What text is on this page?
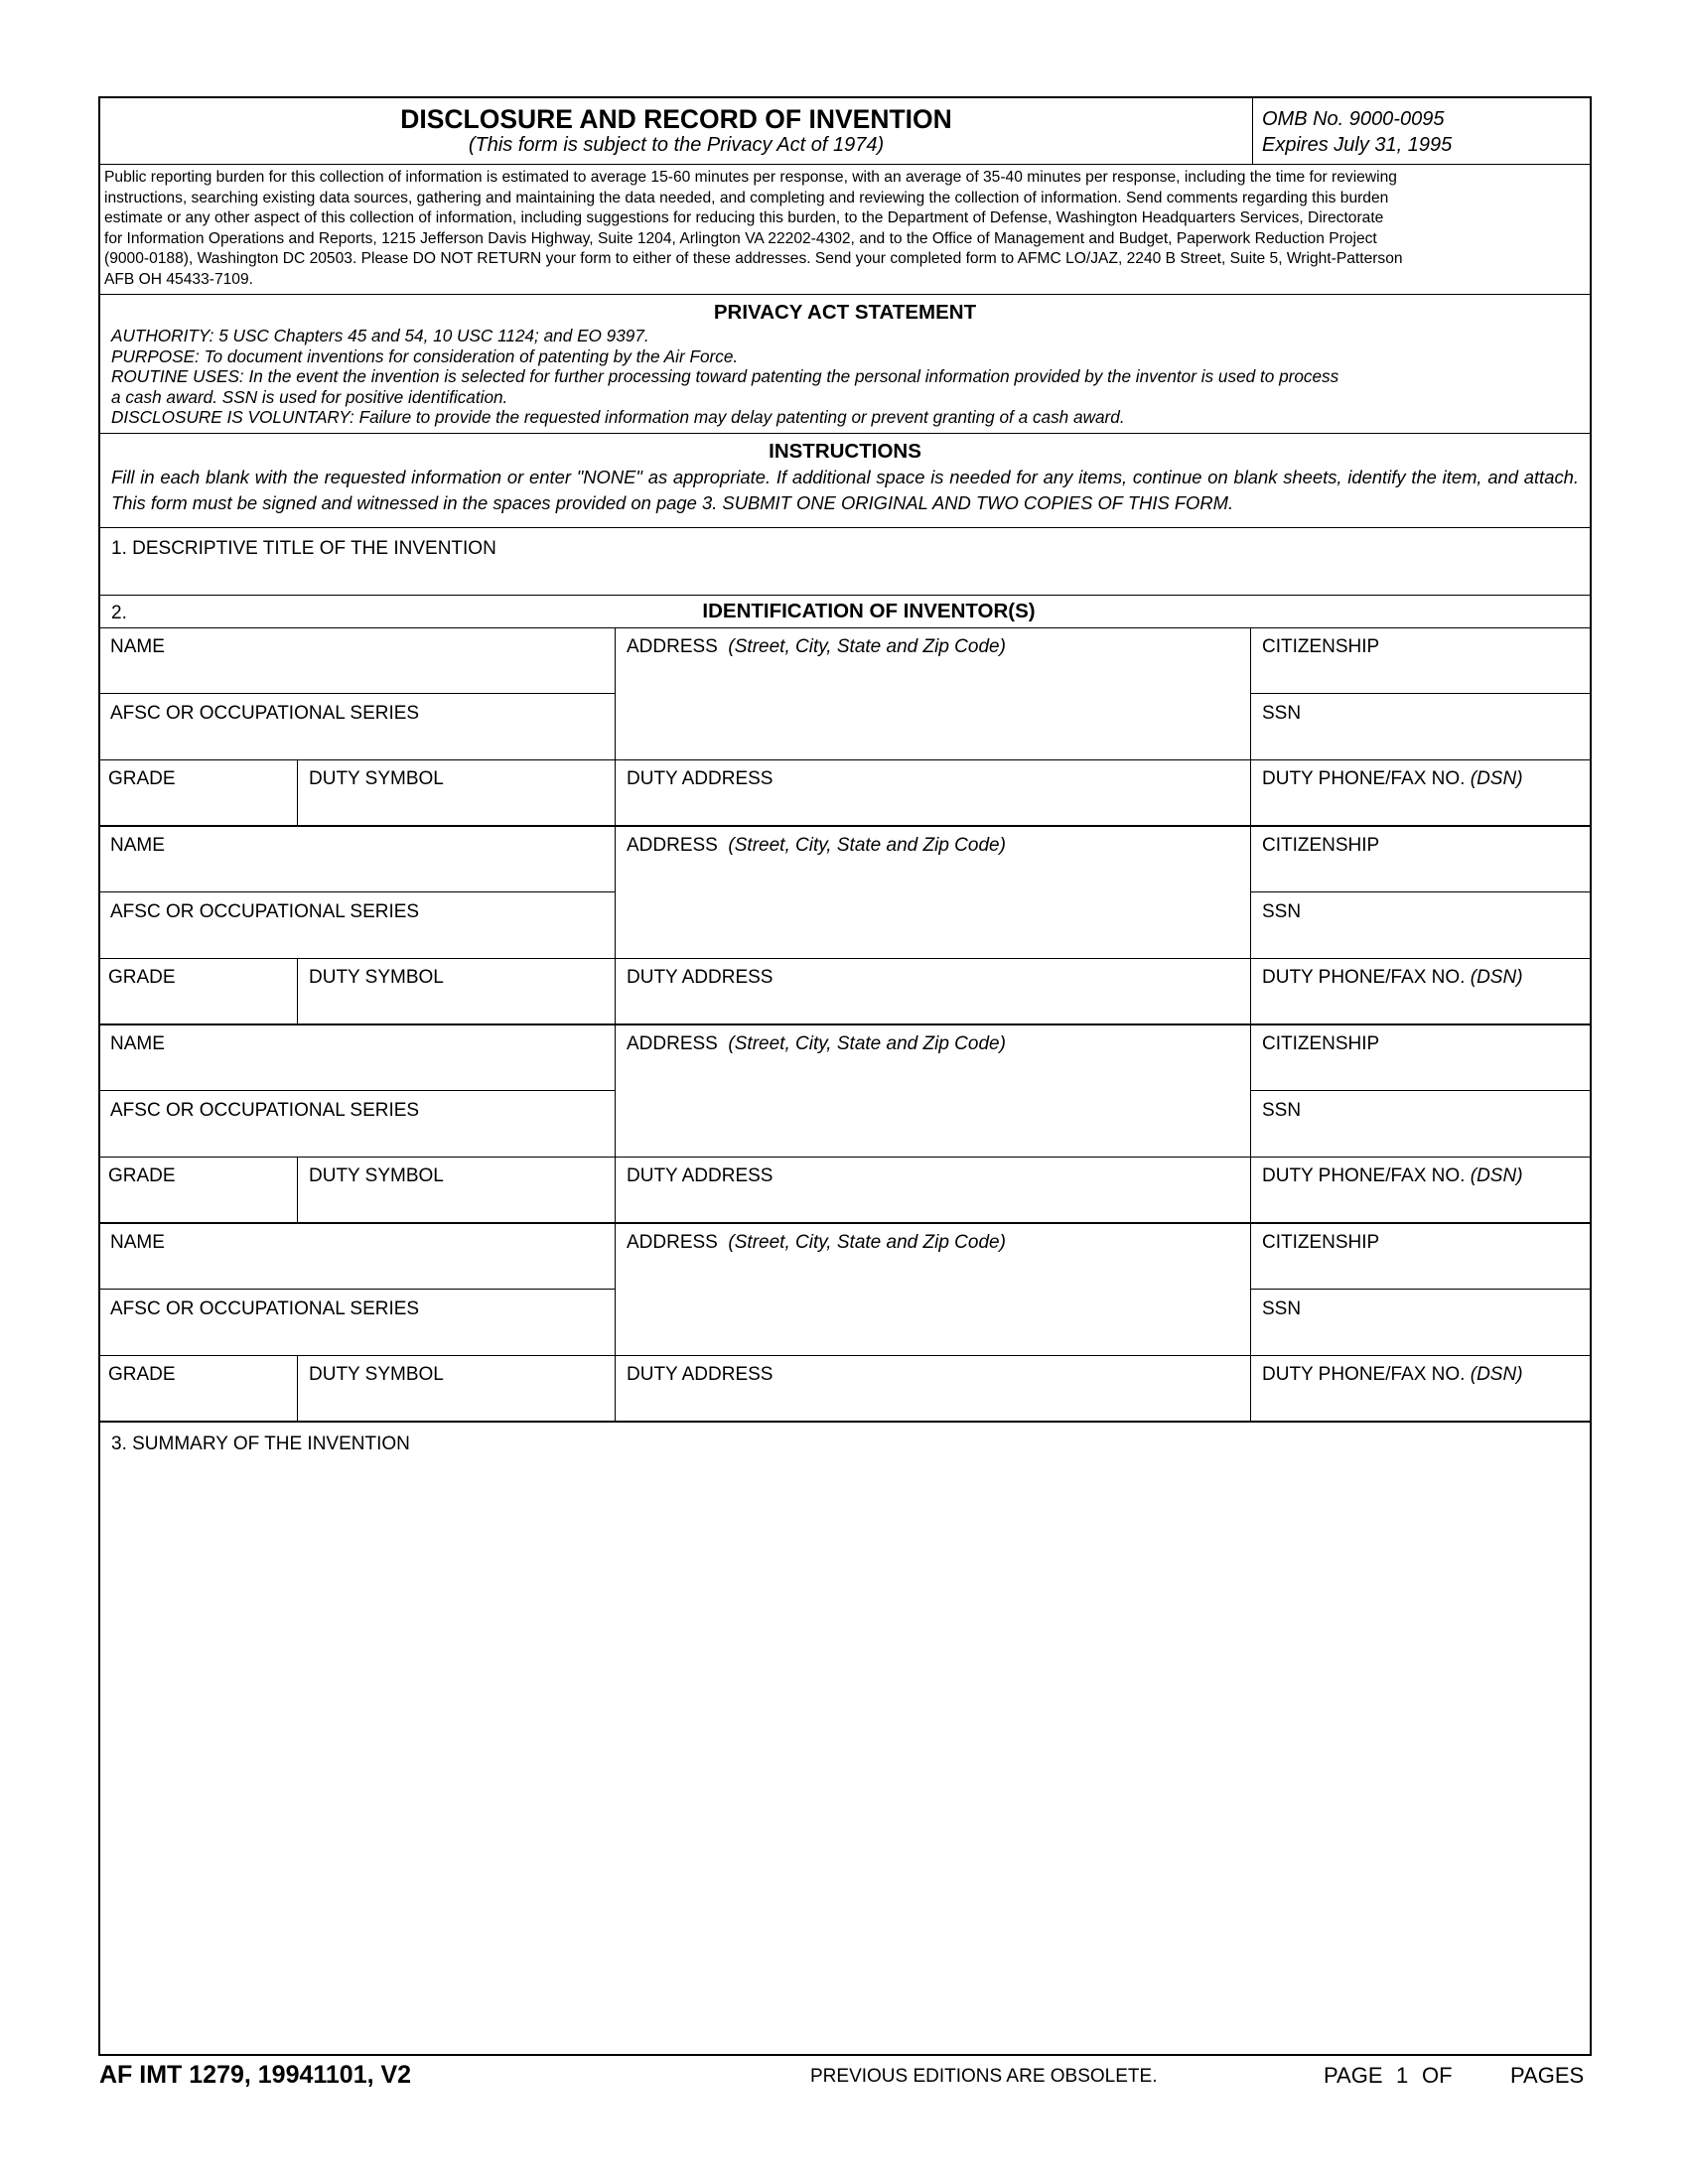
DISCLOSURE AND RECORD OF INVENTION
(This form is subject to the Privacy Act of 1974)
OMB No. 9000-0095
Expires July 31, 1995
Public reporting burden for this collection of information is estimated to average 15-60 minutes per response, with an average of 35-40 minutes per response, including the time for reviewing
instructions, searching existing data sources, gathering and maintaining the data needed, and completing and reviewing the collection of information. Send comments regarding this burden
estimate or any other aspect of this collection of information, including suggestions for reducing this burden, to the Department of Defense, Washington Headquarters Services, Directorate
for Information Operations and Reports, 1215 Jefferson Davis Highway, Suite 1204, Arlington VA 22202-4302, and to the Office of Management and Budget, Paperwork Reduction Project
(9000-0188), Washington DC 20503. Please DO NOT RETURN your form to either of these addresses. Send your completed form to AFMC LO/JAZ, 2240 B Street, Suite 5, Wright-Patterson
AFB OH 45433-7109.
PRIVACY ACT STATEMENT
AUTHORITY: 5 USC Chapters 45 and 54, 10 USC 1124; and EO 9397.
PURPOSE: To document inventions for consideration of patenting by the Air Force.
ROUTINE USES: In the event the invention is selected for further processing toward patenting the personal information provided by the inventor is used to process
a cash award. SSN is used for positive identification.
DISCLOSURE IS VOLUNTARY: Failure to provide the requested information may delay patenting or prevent granting of a cash award.
INSTRUCTIONS
Fill in each blank with the requested information or enter "NONE" as appropriate. If additional space is needed for any items, continue on blank sheets, identify the item, and attach. This form must be signed and witnessed in the spaces provided on page 3. SUBMIT ONE ORIGINAL AND TWO COPIES OF THIS FORM.
1. DESCRIPTIVE TITLE OF THE INVENTION
2.	IDENTIFICATION OF INVENTOR(S)
NAME	ADDRESS (Street, City, State and Zip Code)	CITIZENSHIP
AFSC OR OCCUPATIONAL SERIES	SSN
GRADE	DUTY SYMBOL	DUTY ADDRESS	DUTY PHONE/FAX NO. (DSN)
NAME	ADDRESS (Street, City, State and Zip Code)	CITIZENSHIP
AFSC OR OCCUPATIONAL SERIES	SSN
GRADE	DUTY SYMBOL	DUTY ADDRESS	DUTY PHONE/FAX NO. (DSN)
NAME	ADDRESS (Street, City, State and Zip Code)	CITIZENSHIP
AFSC OR OCCUPATIONAL SERIES	SSN
GRADE	DUTY SYMBOL	DUTY ADDRESS	DUTY PHONE/FAX NO. (DSN)
NAME	ADDRESS (Street, City, State and Zip Code)	CITIZENSHIP
AFSC OR OCCUPATIONAL SERIES	SSN
GRADE	DUTY SYMBOL	DUTY ADDRESS	DUTY PHONE/FAX NO. (DSN)
3. SUMMARY OF THE INVENTION
AF IMT 1279, 19941101, V2	PREVIOUS EDITIONS ARE OBSOLETE.	PAGE 1 OF	PAGES
